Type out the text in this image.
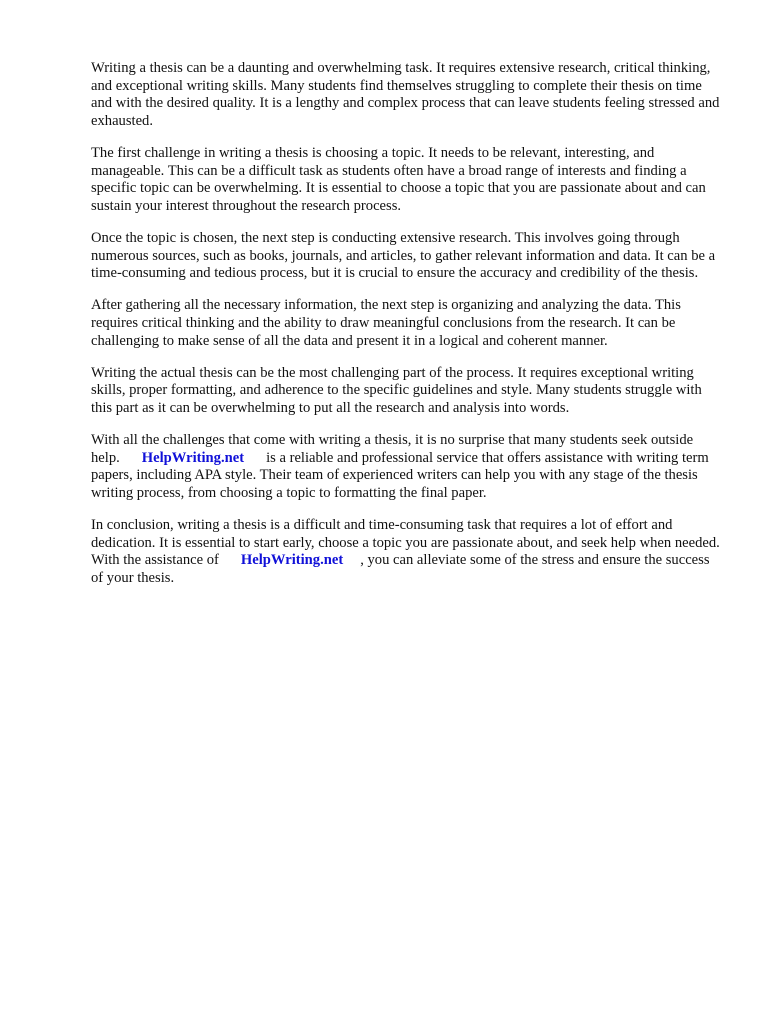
Writing a thesis can be a daunting and overwhelming task. It requires extensive research, critical thinking, and exceptional writing skills. Many students find themselves struggling to complete their thesis on time and with the desired quality. It is a lengthy and complex process that can leave students feeling stressed and exhausted.

The first challenge in writing a thesis is choosing a topic. It needs to be relevant, interesting, and manageable. This can be a difficult task as students often have a broad range of interests and finding a specific topic can be overwhelming. It is essential to choose a topic that you are passionate about and can sustain your interest throughout the research process.

Once the topic is chosen, the next step is conducting extensive research. This involves going through numerous sources, such as books, journals, and articles, to gather relevant information and data. It can be a time-consuming and tedious process, but it is crucial to ensure the accuracy and credibility of the thesis.

After gathering all the necessary information, the next step is organizing and analyzing the data. This requires critical thinking and the ability to draw meaningful conclusions from the research. It can be challenging to make sense of all the data and present it in a logical and coherent manner.

Writing the actual thesis can be the most challenging part of the process. It requires exceptional writing skills, proper formatting, and adherence to the specific guidelines and style. Many students struggle with this part as it can be overwhelming to put all the research and analysis into words.

With all the challenges that come with writing a thesis, it is no surprise that many students seek outside help. HelpWriting.net is a reliable and professional service that offers assistance with writing term papers, including APA style. Their team of experienced writers can help you with any stage of the thesis writing process, from choosing a topic to formatting the final paper.

In conclusion, writing a thesis is a difficult and time-consuming task that requires a lot of effort and dedication. It is essential to start early, choose a topic you are passionate about, and seek help when needed. With the assistance of HelpWriting.net , you can alleviate some of the stress and ensure the success of your thesis.
